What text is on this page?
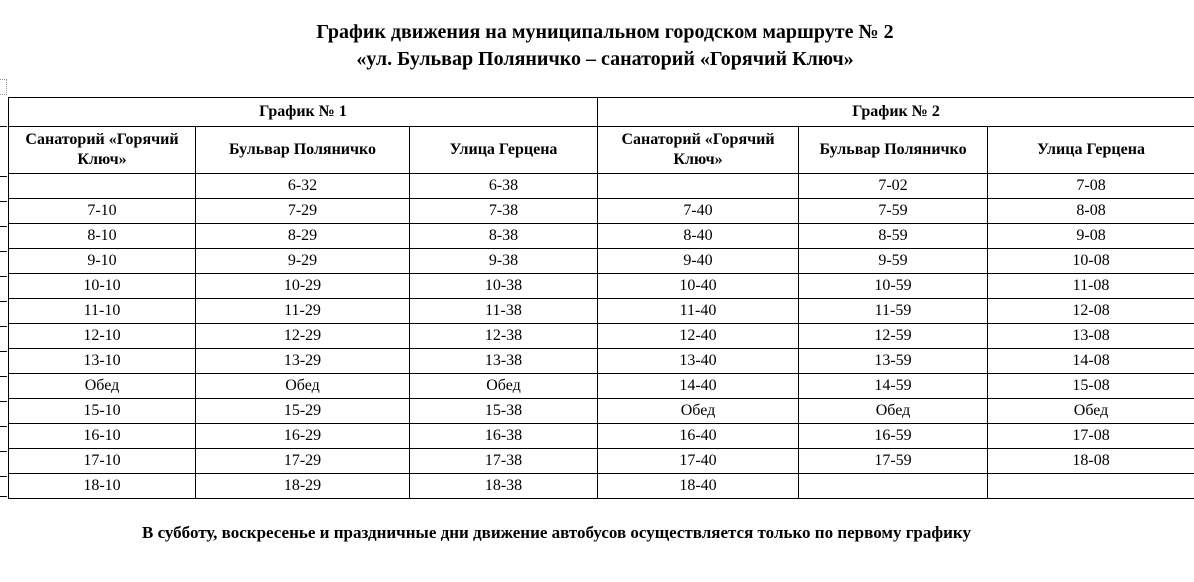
График движения на муниципальном городском маршруте № 2
«ул. Бульвар Поляничко – санаторий «Горячий Ключ»
График № 1			График № 2		
Санаторий «Горячий Ключ»	Бульвар Поляничко	Улица Герцена	Санаторий «Горячий Ключ»	Бульвар Поляничко	Улица Герцена
	6-32	6-38		7-02	7-08
7-10	7-29	7-38	7-40	7-59	8-08
8-10	8-29	8-38	8-40	8-59	9-08
9-10	9-29	9-38	9-40	9-59	10-08
10-10	10-29	10-38	10-40	10-59	11-08
11-10	11-29	11-38	11-40	11-59	12-08
12-10	12-29	12-38	12-40	12-59	13-08
13-10	13-29	13-38	13-40	13-59	14-08
Обед	Обед	Обед	14-40	14-59	15-08
15-10	15-29	15-38	Обед	Обед	Обед
16-10	16-29	16-38	16-40	16-59	17-08
17-10	17-29	17-38	17-40	17-59	18-08
18-10	18-29	18-38	18-40		
В субботу, воскресенье и праздничные дни движение автобусов осуществляется только по первому графику
